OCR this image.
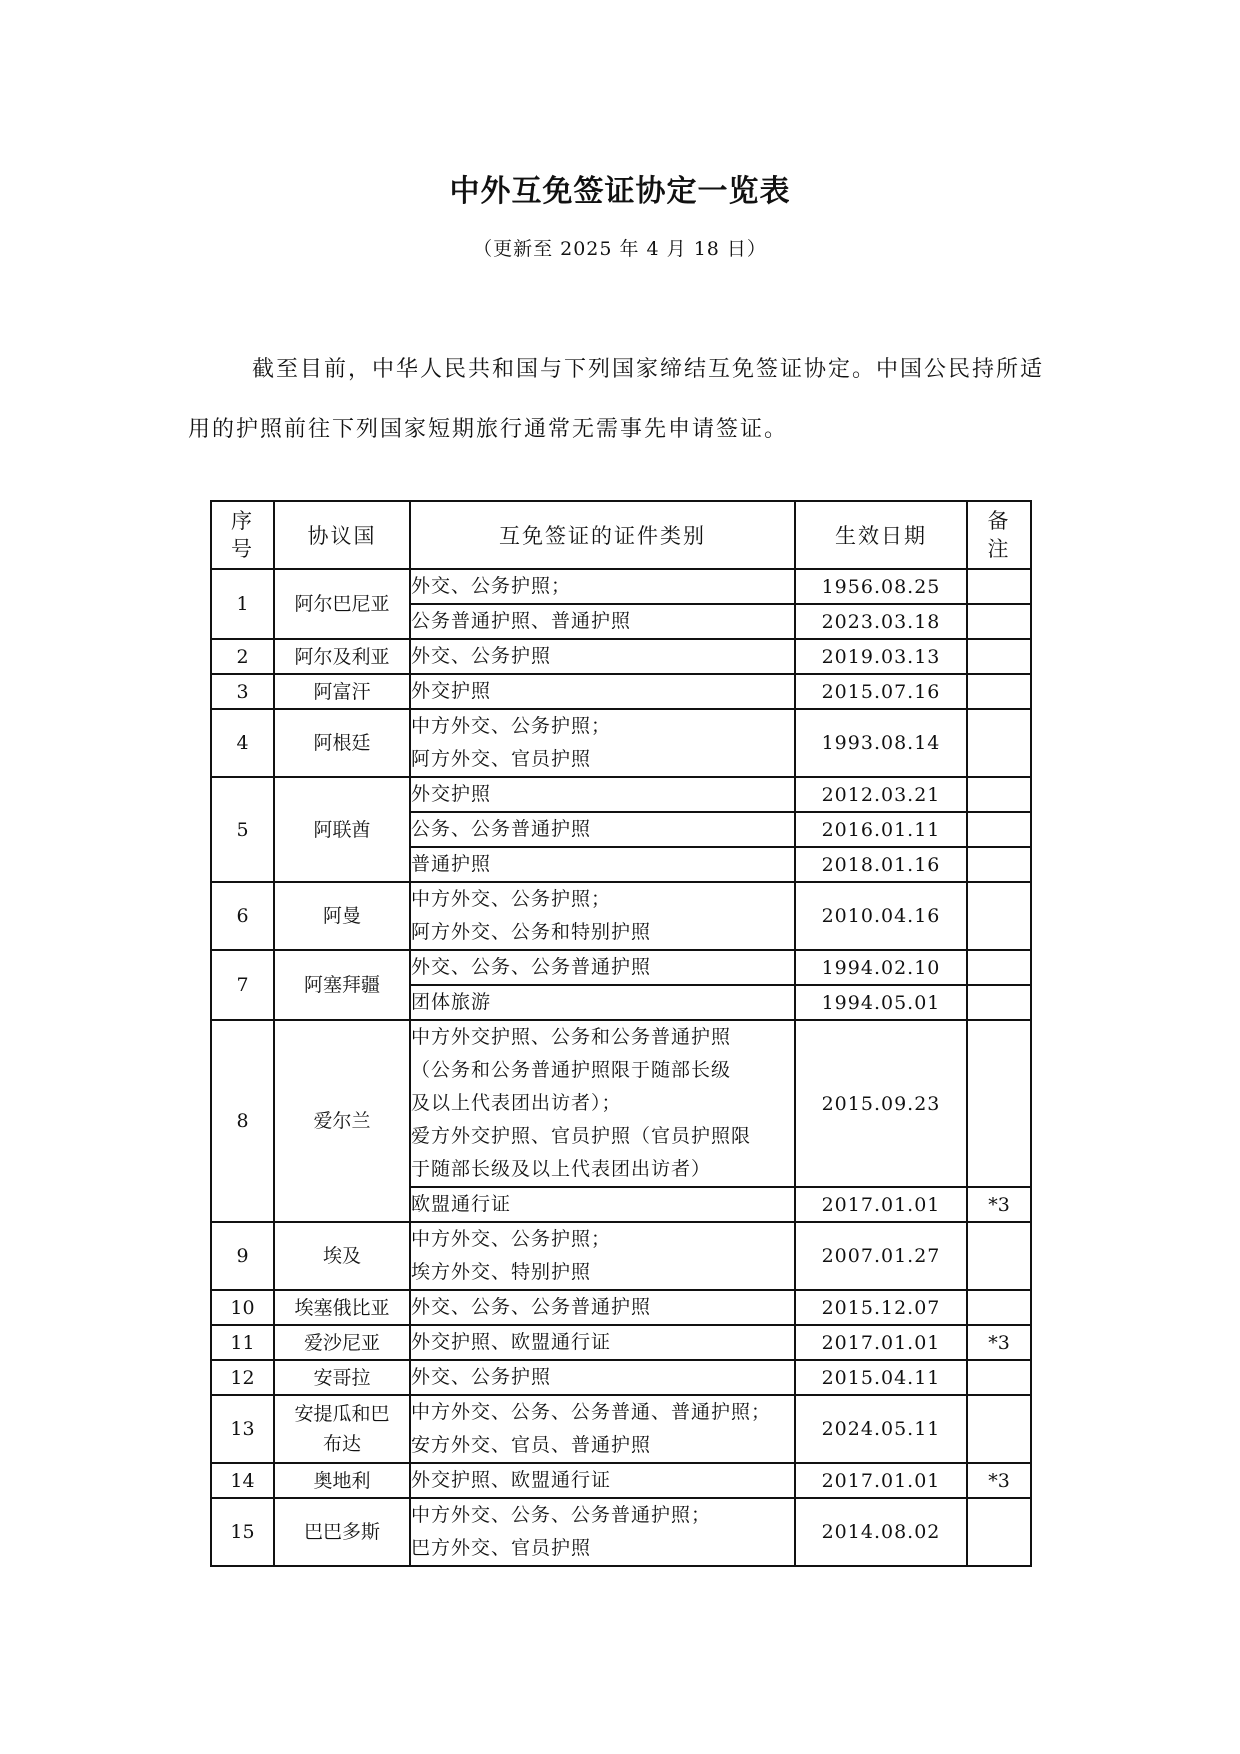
中外互免签证协定一览表
（更新至 2025 年 4 月 18 日）

截至目前，中华人民共和国与下列国家缔结互免签证协定。中国公民持所适用的护照前往下列国家短期旅行通常无需事先申请签证。

序
号	协议国	互免签证的证件类别	生效日期	备
注

1	阿尔巴尼亚	外交、公务护照；	1956.08.25	
		公务普通护照、普通护照	2023.03.18	
2	阿尔及利亚	外交、公务护照	2019.03.13	
3	阿富汗	外交护照	2015.07.16	
4	阿根廷	中方外交、公务护照；
阿方外交、官员护照	1993.08.14	
5	阿联酋	外交护照	2012.03.21	
		公务、公务普通护照	2016.01.11	
		普通护照	2018.01.16	
6	阿曼	中方外交、公务护照；
阿方外交、公务和特别护照	2010.04.16	
7	阿塞拜疆	外交、公务、公务普通护照	1994.02.10	
		团体旅游	1994.05.01	
8	爱尔兰	中方外交护照、公务和公务普通护照
（公务和公务普通护照限于随部长级
及以上代表团出访者）；
爱方外交护照、官员护照（官员护照限
于随部长级及以上代表团出访者）	2015.09.23	
		欧盟通行证	2017.01.01	*3
9	埃及	中方外交、公务护照；
埃方外交、特别护照	2007.01.27	
10	埃塞俄比亚	外交、公务、公务普通护照	2015.12.07	
11	爱沙尼亚	外交护照、欧盟通行证	2017.01.01	*3
12	安哥拉	外交、公务护照	2015.04.11	
13	安提瓜和巴
布达	中方外交、公务、公务普通、普通护照；
安方外交、官员、普通护照	2024.05.11	
14	奥地利	外交护照、欧盟通行证	2017.01.01	*3
15	巴巴多斯	中方外交、公务、公务普通护照；
巴方外交、官员护照	2014.08.02	
